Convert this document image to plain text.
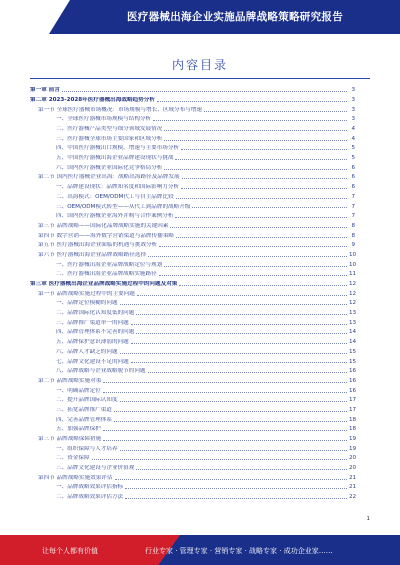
医疗器械出海企业实施品牌战略策略研究报告
内容目录
第一章 前言	3
第二章 2023-2028年医疗器械出海战略趋势分析	3
第一节 全球医疗器械市场概况：市场规模与增长、区域分布与增速	3
一、全球医疗器械市场规模与结构分析	3
二、医疗器械产品类型与细分领域发展情况	4
三、医疗器械全球市场主要国家和区域分析	4
四、中国医疗器械出口规模、增速与主要市场分析	5
五、中国医疗器械出海企业品牌建设现状与挑战	5
六、国内医疗器械企业国际化竞争格局分析	6
第二节 国内医疗器械企业出海：战略出海路径及品牌发展	6
一、品牌建设现状：品牌知名度和国际影响力分析	6
二、出海模式：OEM/ODM代工与自主品牌比较	7
三、OEM/ODM模式转型——从代工到品牌的战略升级	7
四、国内医疗器械企业海外并购与合作案例分析	7
第三节 品牌战略——国际化品牌战略实施的关键因素	8
第四节 数字营销——海外数字营销渠道与品牌传播策略	8
第五节 医疗器械出海企业面临的机遇与挑战分析	9
第六节 医疗器械出海企业品牌战略路径选择	10
一、医疗器械出海企业品牌战略定位与规划	10
二、医疗器械出海企业品牌战略实施路径	11
第三章 医疗器械出海企业品牌战略实施过程中的问题及对策	12
第一节 品牌战略实施过程中的主要问题	12
一、品牌定位模糊的问题	12
二、品牌国际化认知度低的问题	13
三、品牌推广渠道单一的问题	13
四、品牌管理体系不完善的问题	14
五、品牌保护意识薄弱的问题	14
六、品牌人才缺乏的问题	15
七、品牌文化建设不足的问题	15
八、品牌战略与企业战略脱节的问题	16
第二节 品牌战略实施对策	16
一、明确品牌定位	16
二、提升品牌国际认知度	17
三、拓宽品牌推广渠道	17
四、完善品牌管理体系	18
五、加强品牌保护	18
第三节 品牌战略保障措施	19
一、组织保障与人才培养	19
二、资金保障	20
三、品牌文化建设与企业价值观	20
第四节 品牌战略实施效果评估	21
一、品牌战略效果评估指标	21
二、品牌战略效果评估方法	22
1
让每个人都有价值	行业专家 · 管理专家 · 营销专家 · 战略专家 · 成功企业家……
